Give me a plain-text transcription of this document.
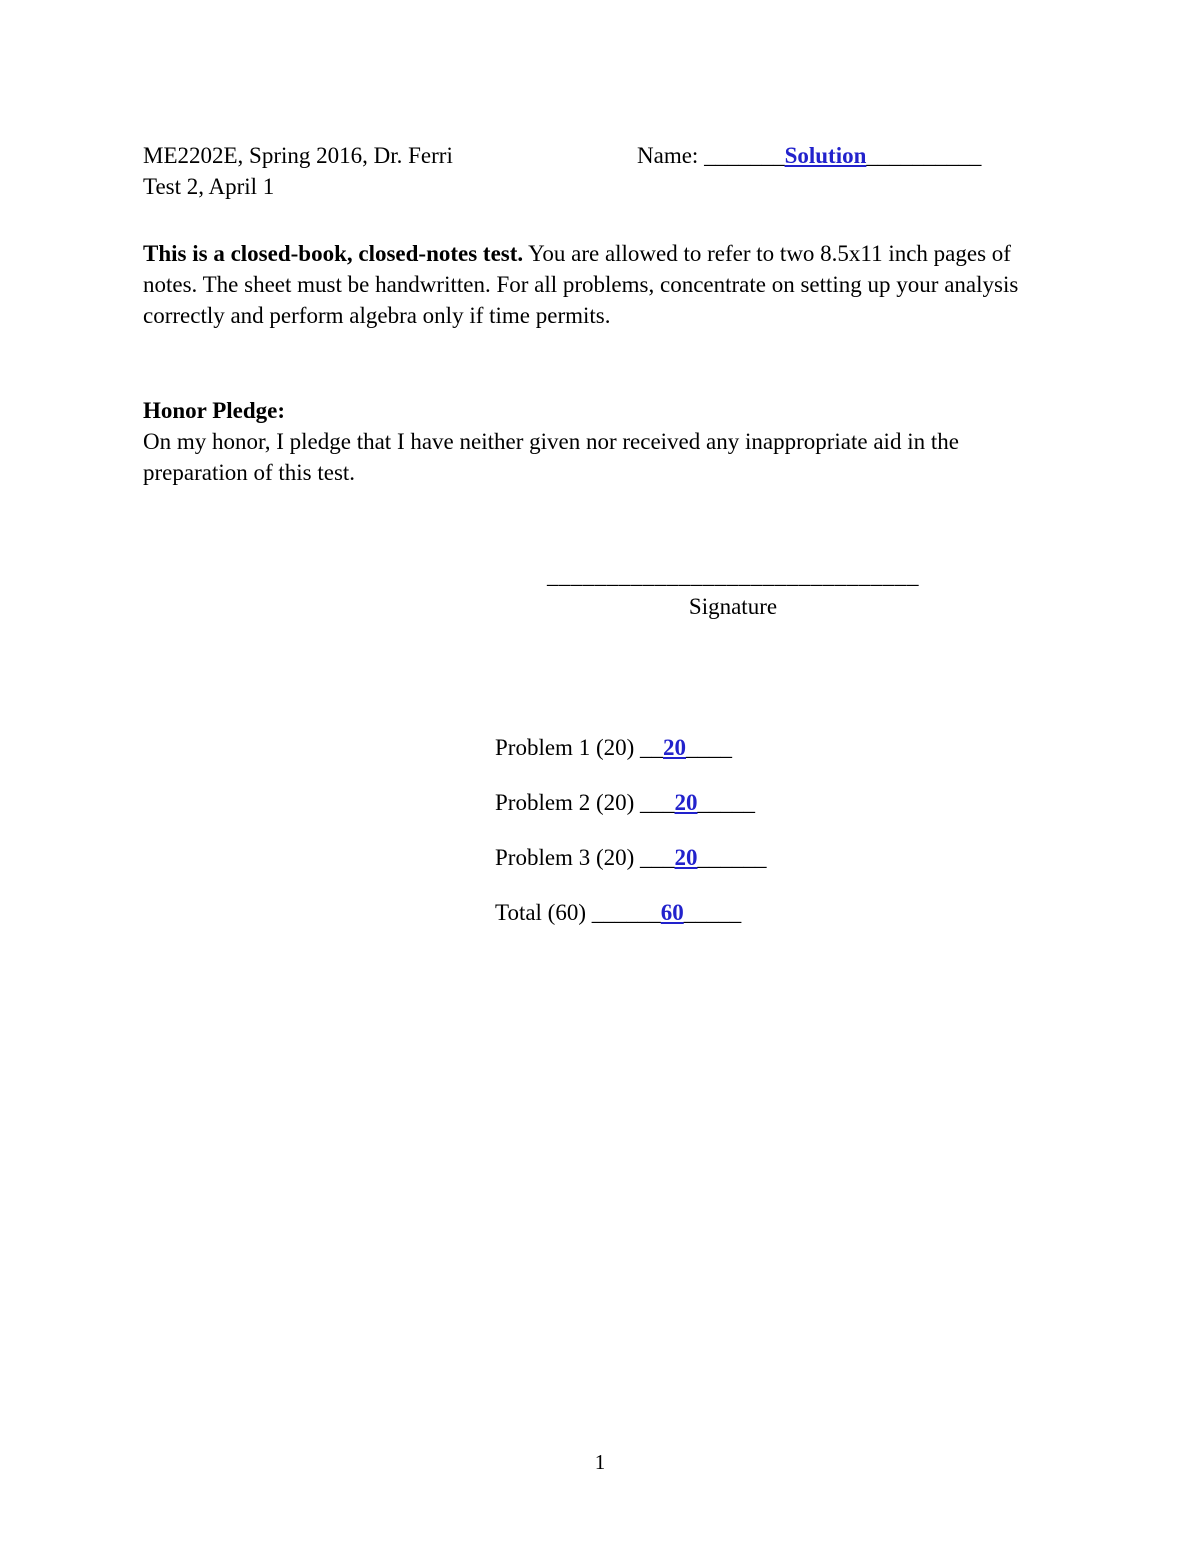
ME2202E, Spring 2016, Dr. Ferri
Test 2, April 1
Name: _______Solution__________

This is a closed-book, closed-notes test. You are allowed to refer to two 8.5x11 inch pages of notes. The sheet must be handwritten. For all problems, concentrate on setting up your analysis correctly and perform algebra only if time permits.

Honor Pledge:

On my honor, I pledge that I have neither given nor received any inappropriate aid in the preparation of this test.

_______________________________
Signature
Problem 1 (20) __20____
Problem 2 (20) ___20_____
Problem 3 (20) ___20______
Total (60) ______60_____
1
